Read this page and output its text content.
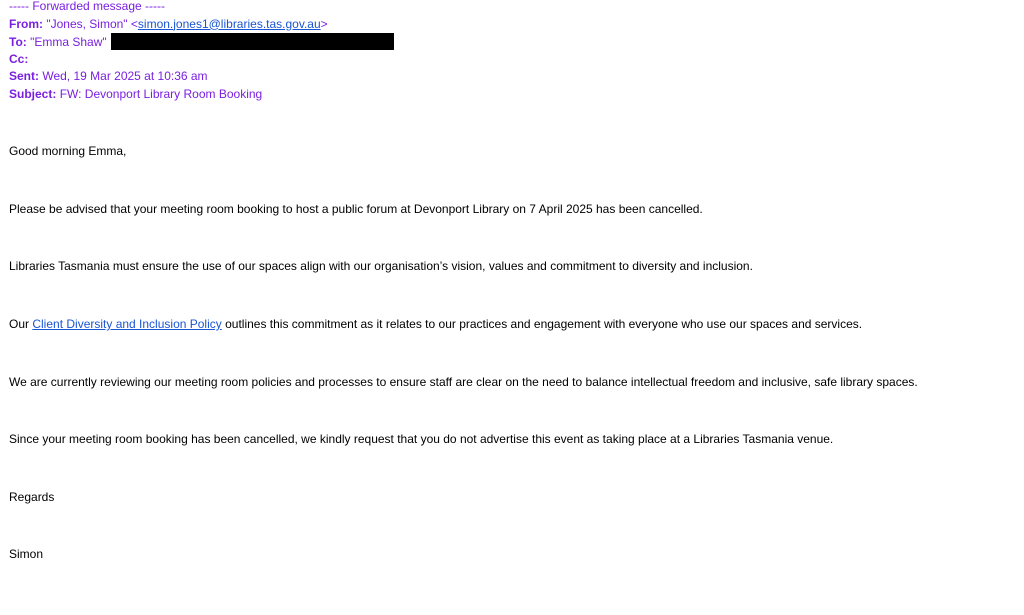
----- Forwarded message -----
From: "Jones, Simon" <simon.jones1@libraries.tas.gov.au>
To: "Emma Shaw"
Cc:
Sent: Wed, 19 Mar 2025 at 10:36 am
Subject: FW: Devonport Library Room Booking
Good morning Emma,
Please be advised that your meeting room booking to host a public forum at Devonport Library on 7 April 2025 has been cancelled.
Libraries Tasmania must ensure the use of our spaces align with our organisation’s vision, values and commitment to diversity and inclusion.
Our Client Diversity and Inclusion Policy outlines this commitment as it relates to our practices and engagement with everyone who use our spaces and services.
We are currently reviewing our meeting room policies and processes to ensure staff are clear on the need to balance intellectual freedom and inclusive, safe library spaces.
Since your meeting room booking has been cancelled, we kindly request that you do not advertise this event as taking place at a Libraries Tasmania venue.
Regards
Simon
